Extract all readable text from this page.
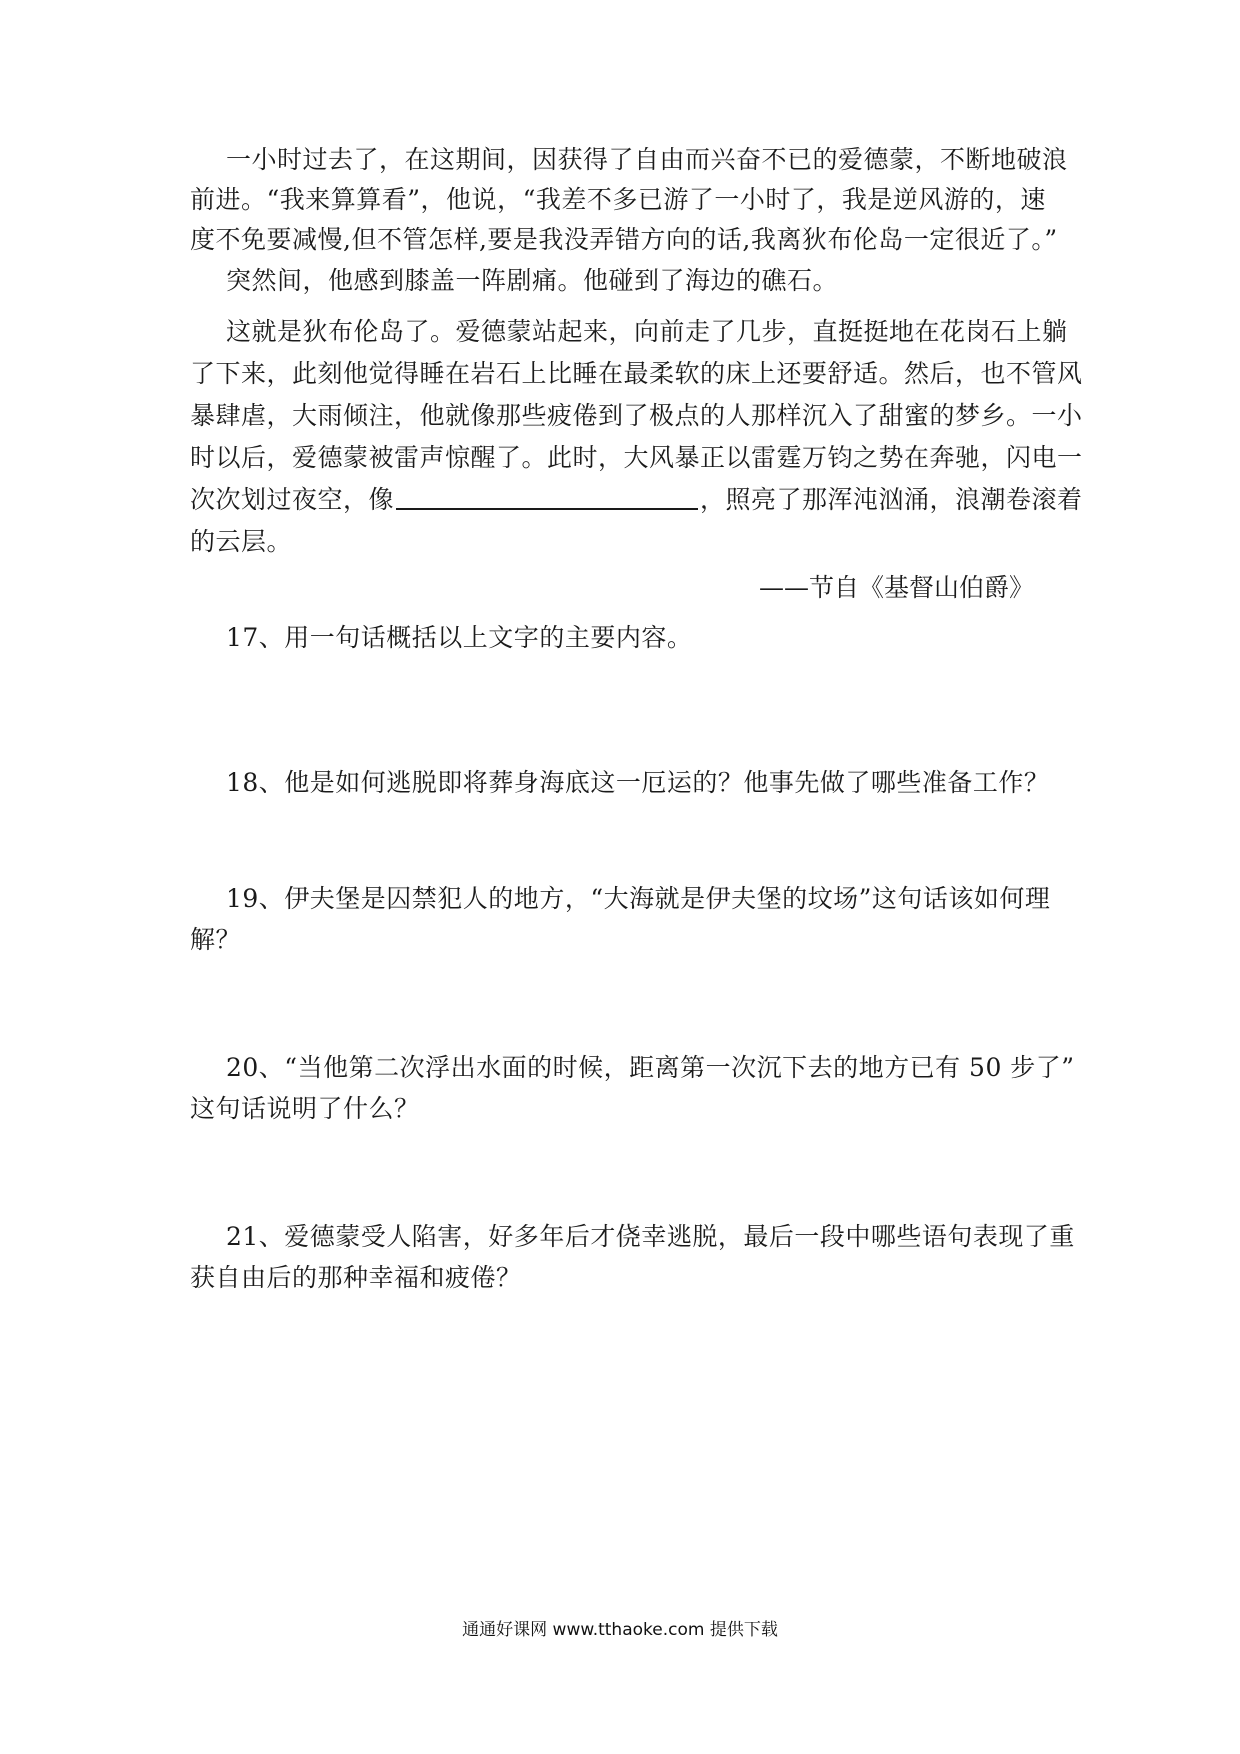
一小时过去了，在这期间，因获得了自由而兴奋不已的爱德蒙，不断地破浪
前进。“我来算算看”，他说，“我差不多已游了一小时了，我是逆风游的，速
度不免要减慢,但不管怎样,要是我没弄错方向的话,我离狄布伦岛一定很近了。”
突然间，他感到膝盖一阵剧痛。他碰到了海边的礁石。
这就是狄布伦岛了。爱德蒙站起来，向前走了几步，直挺挺地在花岗石上躺
了下来，此刻他觉得睡在岩石上比睡在最柔软的床上还要舒适。然后，也不管风
暴肆虐，大雨倾注，他就像那些疲倦到了极点的人那样沉入了甜蜜的梦乡。一小
时以后，爱德蒙被雷声惊醒了。此时，大风暴正以雷霆万钧之势在奔驰，闪电一
次次划过夜空，像	，照亮了那浑沌汹涌，浪潮卷滚着
的云层。
——节自《基督山伯爵》
17、用一句话概括以上文字的主要内容。
18、他是如何逃脱即将葬身海底这一厄运的？他事先做了哪些准备工作？
19、伊夫堡是囚禁犯人的地方，“大海就是伊夫堡的坟场”这句话该如何理
解？
20、“当他第二次浮出水面的时候，距离第一次沉下去的地方已有 50 步了”
这句话说明了什么？
21、爱德蒙受人陷害，好多年后才侥幸逃脱，最后一段中哪些语句表现了重
获自由后的那种幸福和疲倦？
通通好课网 www.tthaoke.com 提供下载
